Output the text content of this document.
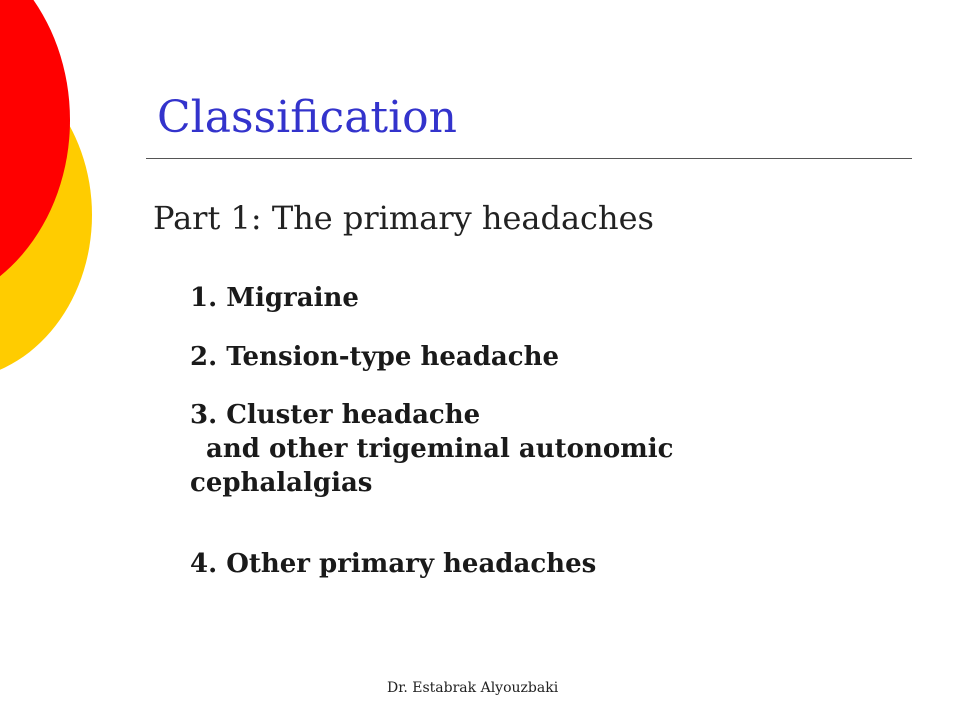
Classification

Part 1: The primary headaches

1. Migraine

2. Tension-type headache

3. Cluster headache
and other trigeminal autonomic
cephalalgias

4. Other primary headaches

Dr. Estabrak Alyouzbaki
